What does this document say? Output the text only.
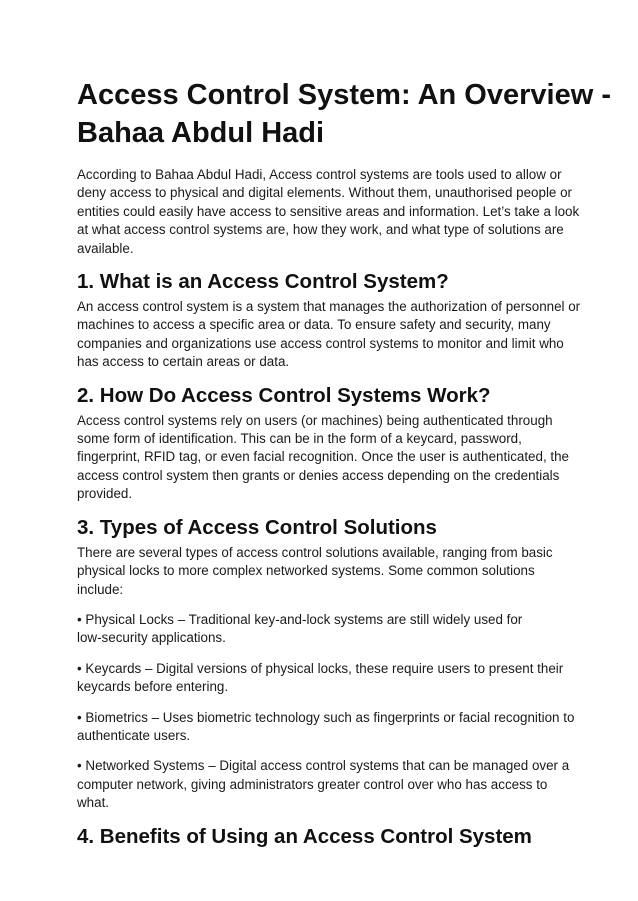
Access Control System: An Overview -
Bahaa Abdul Hadi

According to Bahaa Abdul Hadi, Access control systems are tools used to allow or
deny access to physical and digital elements. Without them, unauthorised people or
entities could easily have access to sensitive areas and information. Let’s take a look
at what access control systems are, how they work, and what type of solutions are
available.

1. What is an Access Control System?

An access control system is a system that manages the authorization of personnel or
machines to access a specific area or data. To ensure safety and security, many
companies and organizations use access control systems to monitor and limit who
has access to certain areas or data.

2. How Do Access Control Systems Work?

Access control systems rely on users (or machines) being authenticated through
some form of identification. This can be in the form of a keycard, password,
fingerprint, RFID tag, or even facial recognition. Once the user is authenticated, the
access control system then grants or denies access depending on the credentials
provided.

3. Types of Access Control Solutions

There are several types of access control solutions available, ranging from basic
physical locks to more complex networked systems. Some common solutions
include:

• Physical Locks – Traditional key-and-lock systems are still widely used for
low-security applications.

• Keycards – Digital versions of physical locks, these require users to present their
keycards before entering.

• Biometrics – Uses biometric technology such as fingerprints or facial recognition to
authenticate users.

• Networked Systems – Digital access control systems that can be managed over a
computer network, giving administrators greater control over who has access to
what.

4. Benefits of Using an Access Control System
